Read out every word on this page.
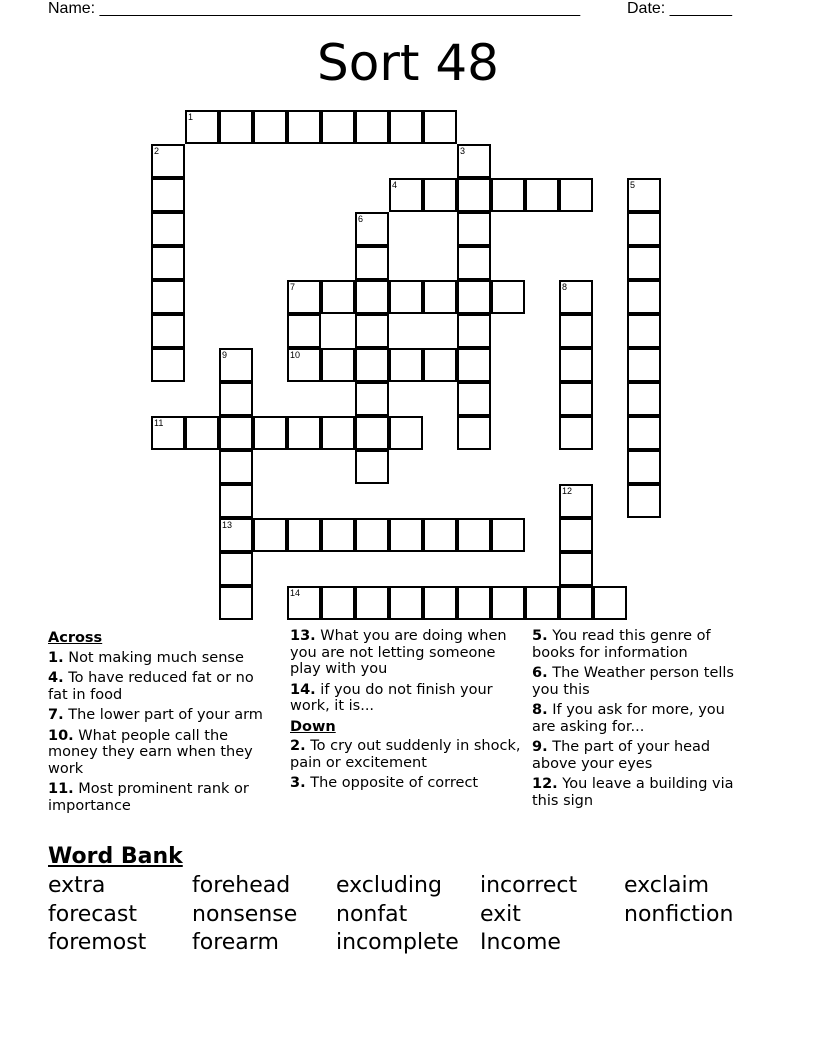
Name: ______________________________________________________	Date: _______
Sort 48
1
2	3
4	5
6
7	8
9	10
11
12
13
14
Across
1. Not making much sense
4. To have reduced fat or no fat in food
7. The lower part of your arm
10. What people call the money they earn when they work
11. Most prominent rank or importance
13. What you are doing when you are not letting someone play with you
14. if you do not finish your work, it is...
Down
2. To cry out suddenly in shock, pain or excitement
3. The opposite of correct
5. You read this genre of books for information
6. The Weather person tells you this
8. If you ask for more, you are asking for...
9. The part of your head above your eyes
12. You leave a building via this sign
Word Bank
extra	forehead excluding incorrect exclaim
forecast	nonsense nonfat	exit	nonfiction
foremost forearm	incomplete Income
